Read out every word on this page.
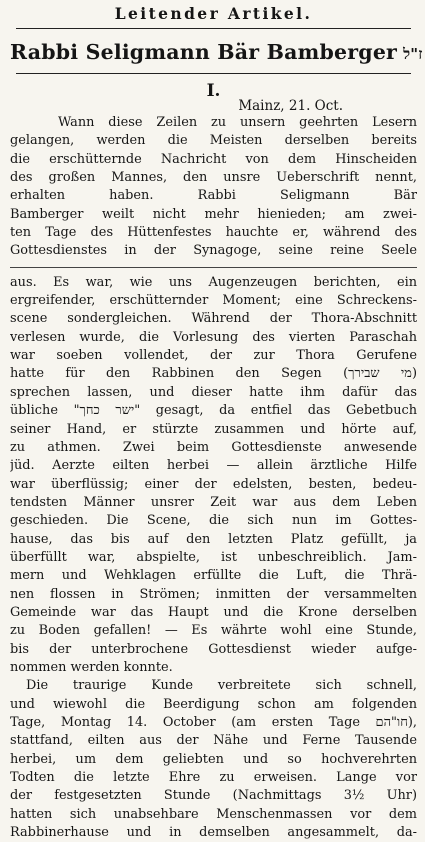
Leitender Artikel.
Rabbi Seligmann Bär Bamberger ז"ל
I.
Mainz, 21. Oct.
Wann diese Zeilen zu unsern geehrten Lesern
gelangen, werden die Meisten derselben bereits
die erschütternde Nachricht von dem Hinscheiden
des großen Mannes, den unsre Ueberschrift nennt,
erhalten haben. Rabbi Seligmann Bär
Bamberger weilt nicht mehr hienieden; am zwei-
ten Tage des Hüttenfestes hauchte er, während des
Gottesdienstes in der Synagoge, seine reine Seele
aus. Es war, wie uns Augenzeugen berichten, ein
ergreifender, erschütternder Moment; eine Schreckens-
scene sondergleichen. Während der Thora-Abschnitt
verlesen wurde, die Vorlesung des vierten Paraschah
war soeben vollendet, der zur Thora Gerufene
hatte für den Rabbinen den Segen (מי שבירך)
sprechen lassen, und dieser hatte ihm dafür das
übliche "ישר כחך" gesagt, da entfiel das Gebetbuch
seiner Hand, er stürzte zusammen und hörte auf,
zu athmen. Zwei beim Gottesdienste anwesende
jüd. Aerzte eilten herbei — allein ärztliche Hilfe
war überflüssig; einer der edelsten, besten, bedeu-
tendsten Männer unsrer Zeit war aus dem Leben
geschieden. Die Scene, die sich nun im Gottes-
hause, das bis auf den letzten Platz gefüllt, ja
überfüllt war, abspielte, ist unbeschreiblich. Jam-
mern und Wehklagen erfüllte die Luft, die Thrä-
nen flossen in Strömen; inmitten der versammelten
Gemeinde war das Haupt und die Krone derselben
zu Boden gefallen! — Es währte wohl eine Stunde,
bis der unterbrochene Gottesdienst wieder aufge-
nommen werden konnte.
Die traurige Kunde verbreitete sich schnell,
und wiewohl die Beerdigung schon am folgenden
Tage, Montag 14. October (am ersten Tage חו"הם),
stattfand, eilten aus der Nähe und Ferne Tausende
herbei, um dem geliebten und so hochverehrten
Todten die letzte Ehre zu erweisen. Lange vor
der festgesetzten Stunde (Nachmittags 3½ Uhr)
hatten sich unabsehbare Menschenmassen vor dem
Rabbinerhause und in demselben angesammelt, da-
